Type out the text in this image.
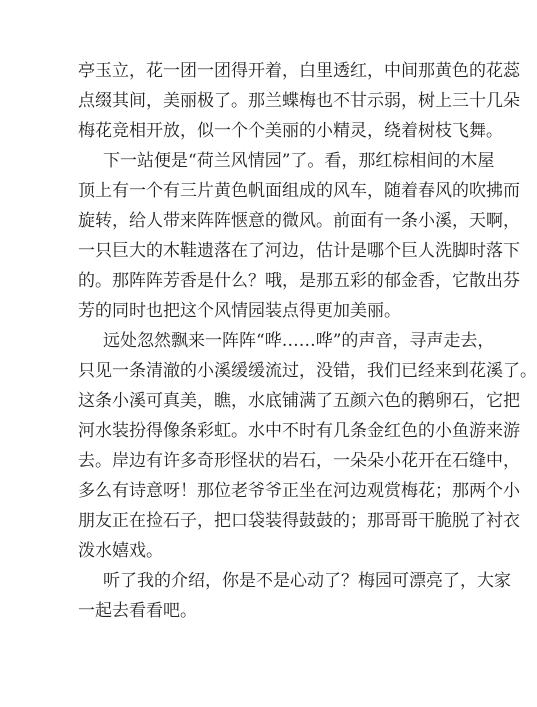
亭玉立，花一团一团得开着，白里透红，中间那黄色的花蕊
点缀其间，美丽极了。那兰蝶梅也不甘示弱，树上三十几朵
梅花竞相开放，似一个个美丽的小精灵，绕着树枝飞舞。
下一站便是“荷兰风情园”了。看，那红棕相间的木屋
顶上有一个有三片黄色帆面组成的风车，随着春风的吹拂而
旋转，给人带来阵阵惬意的微风。前面有一条小溪，天啊，
一只巨大的木鞋遗落在了河边，估计是哪个巨人洗脚时落下
的。那阵阵芳香是什么？哦，是那五彩的郁金香，它散出芬
芳的同时也把这个风情园装点得更加美丽。
远处忽然飘来一阵阵“哗……哗”的声音，寻声走去，
只见一条清澈的小溪缓缓流过，没错，我们已经来到花溪了。
这条小溪可真美，瞧，水底铺满了五颜六色的鹅卵石，它把
河水装扮得像条彩虹。水中不时有几条金红色的小鱼游来游
去。岸边有许多奇形怪状的岩石，一朵朵小花开在石缝中，
多么有诗意呀！那位老爷爷正坐在河边观赏梅花；那两个小
朋友正在捡石子，把口袋装得鼓鼓的；那哥哥干脆脱了衬衣
泼水嬉戏。
听了我的介绍，你是不是心动了？梅园可漂亮了，大家
一起去看看吧。
